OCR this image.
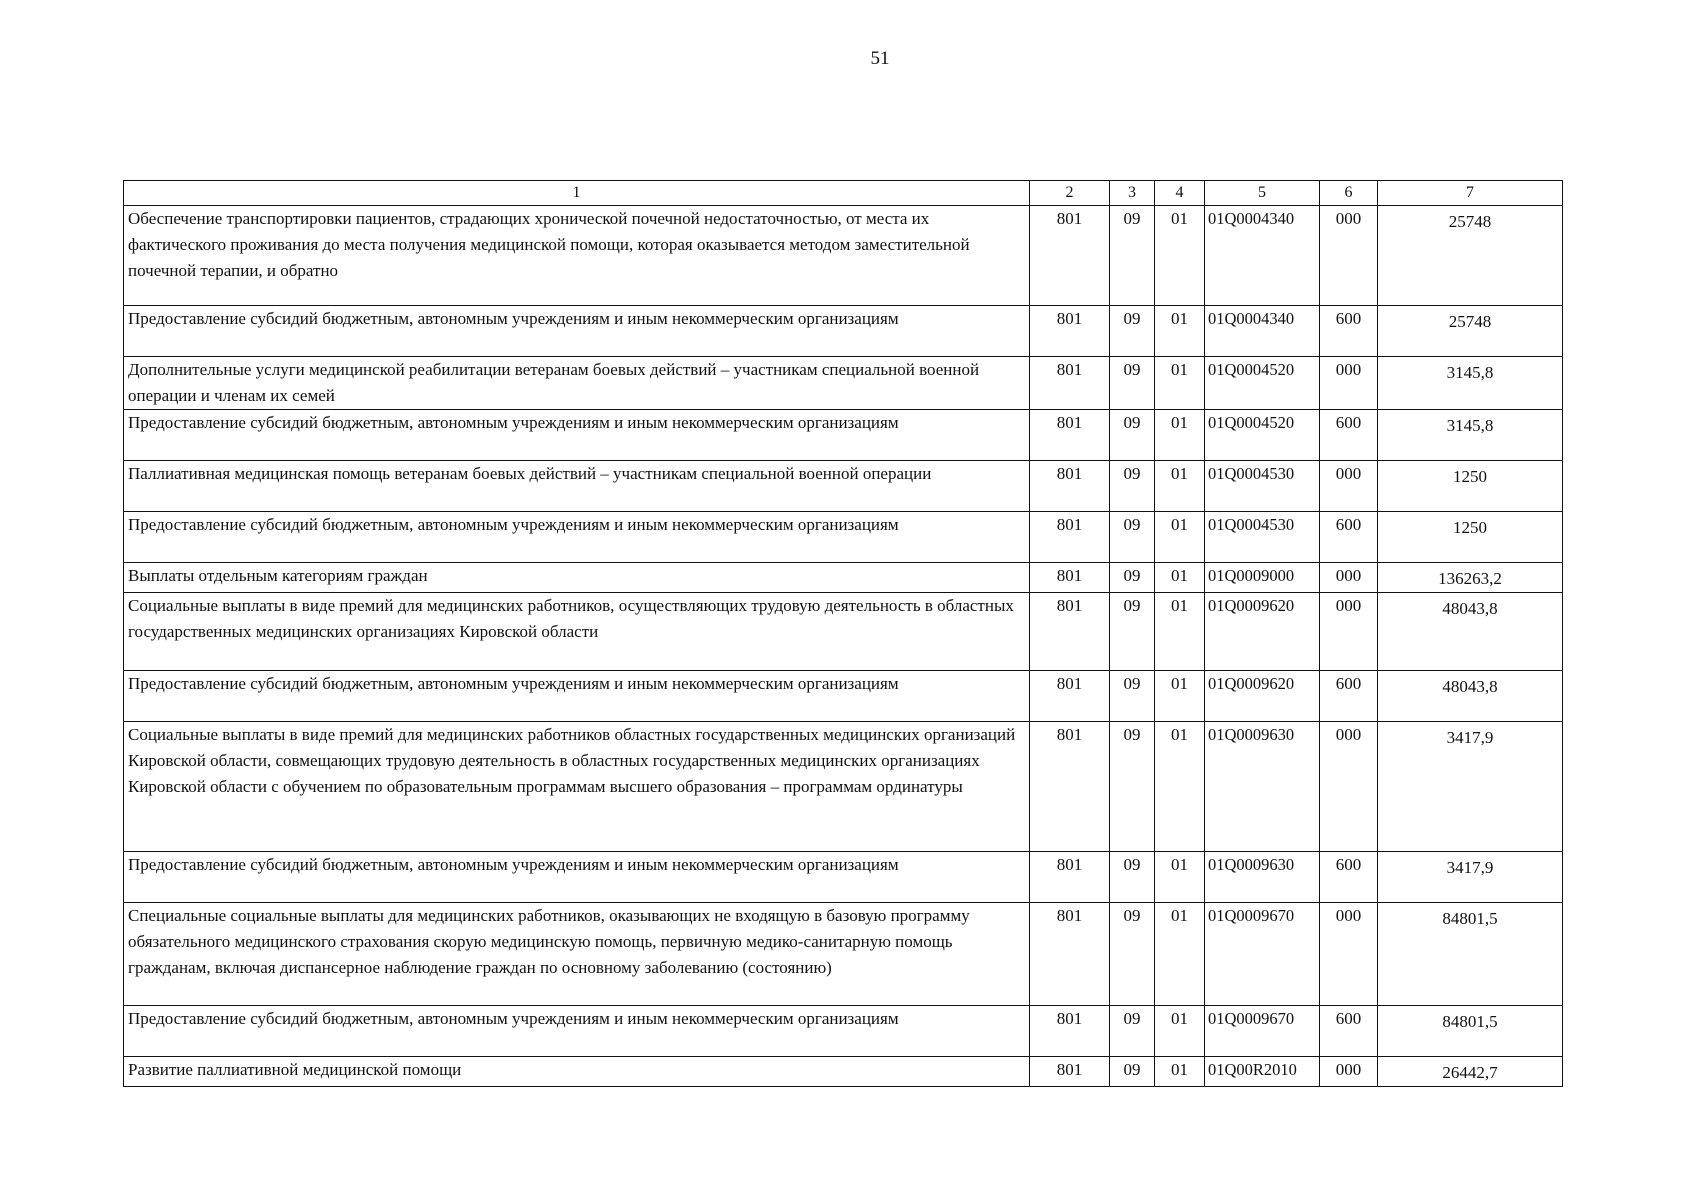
51
1	2	3	4	5	6	7
Обеспечение транспортировки пациентов, страдающих хронической почечной недостаточностью, от места их фактического проживания до места получения медицинской помощи, которая оказывается методом заместительной почечной терапии, и обратно	801	09	01	01Q0004340	000	25748
Предоставление субсидий бюджетным, автономным учреждениям и иным некоммерческим организациям	801	09	01	01Q0004340	600	25748
Дополнительные услуги медицинской реабилитации ветеранам боевых действий – участникам специальной военной операции и членам их семей	801	09	01	01Q0004520	000	3145,8
Предоставление субсидий бюджетным, автономным учреждениям и иным некоммерческим организациям	801	09	01	01Q0004520	600	3145,8
Паллиативная медицинская помощь ветеранам боевых действий – участникам специальной военной операции	801	09	01	01Q0004530	000	1250
Предоставление субсидий бюджетным, автономным учреждениям и иным некоммерческим организациям	801	09	01	01Q0004530	600	1250
Выплаты отдельным категориям граждан	801	09	01	01Q0009000	000	136263,2
Социальные выплаты в виде премий для медицинских работников, осуществляющих трудовую деятельность в областных государственных медицинских организациях Кировской области	801	09	01	01Q0009620	000	48043,8
Предоставление субсидий бюджетным, автономным учреждениям и иным некоммерческим организациям	801	09	01	01Q0009620	600	48043,8
Социальные выплаты в виде премий для медицинских работников областных государственных медицинских организаций Кировской области, совмещающих трудовую деятельность в областных государственных медицинских организациях Кировской области с обучением по образовательным программам высшего образования – программам ординатуры	801	09	01	01Q0009630	000	3417,9
Предоставление субсидий бюджетным, автономным учреждениям и иным некоммерческим организациям	801	09	01	01Q0009630	600	3417,9
Специальные социальные выплаты для медицинских работников, оказывающих не входящую в базовую программу обязательного медицинского страхования скорую медицинскую помощь, первичную медико-санитарную помощь гражданам, включая диспансерное наблюдение граждан по основному заболеванию (состоянию)	801	09	01	01Q0009670	000	84801,5
Предоставление субсидий бюджетным, автономным учреждениям и иным некоммерческим организациям	801	09	01	01Q0009670	600	84801,5
Развитие паллиативной медицинской помощи	801	09	01	01Q00R2010	000	26442,7
